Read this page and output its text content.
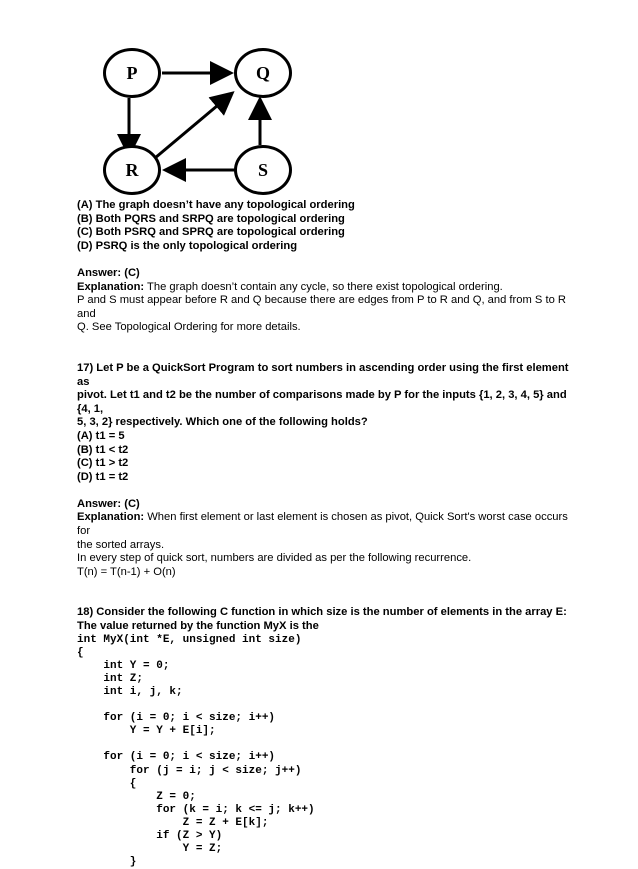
P	Q
R	S

(A) The graph doesn’t have any topological ordering

(B) Both PQRS and SRPQ are topological ordering

(C) Both PSRQ and SPRQ are topological ordering

(D) PSRQ is the only topological ordering

Answer: (C)

Explanation: The graph doesn’t contain any cycle, so there exist topological ordering.

P and S must appear before R and Q because there are edges from P to R and Q, and from S to R and

Q. See Topological Ordering for more details.

17) Let P be a QuickSort Program to sort numbers in ascending order using the first element as

pivot. Let t1 and t2 be the number of comparisons made by P for the inputs {1, 2, 3, 4, 5} and {4, 1,

5, 3, 2} respectively. Which one of the following holds?

(A) t1 = 5

(B) t1 < t2

(C) t1 > t2

(D) t1 = t2

Answer: (C)

Explanation: When first element or last element is chosen as pivot, Quick Sort's worst case occurs for

the sorted arrays.

In every step of quick sort, numbers are divided as per the following recurrence.

T(n) = T(n-1) + O(n)

18) Consider the following C function in which size is the number of elements in the array E:

The value returned by the function MyX is the

int MyX(int *E, unsigned int size)
{
int Y = 0;
int Z;
int i, j, k;

for (i = 0; i < size; i++)
Y = Y + E[i];

for (i = 0; i < size; i++)
for (j = i; j < size; j++)
{
Z = 0;
for (k = i; k <= j; k++)
Z = Z + E[k];
if (Z > Y)
Y = Z;
}
